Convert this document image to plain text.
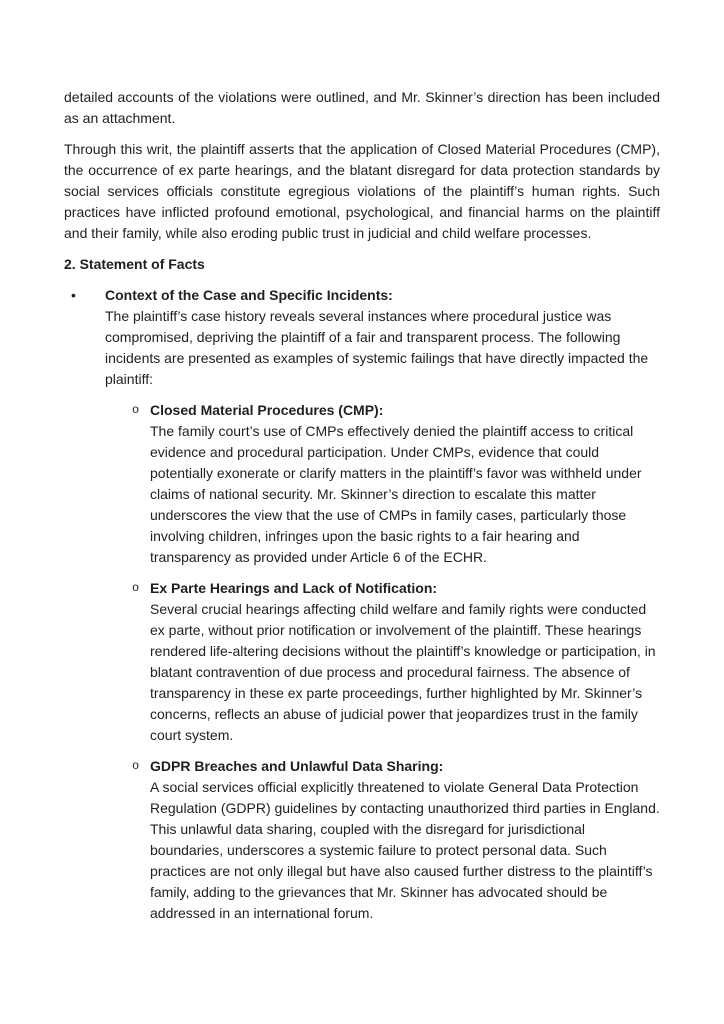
detailed accounts of the violations were outlined, and Mr. Skinner’s direction has been included as an attachment.

Through this writ, the plaintiff asserts that the application of Closed Material Procedures (CMP), the occurrence of ex parte hearings, and the blatant disregard for data protection standards by social services officials constitute egregious violations of the plaintiff’s human rights. Such practices have inflicted profound emotional, psychological, and financial harms on the plaintiff and their family, while also eroding public trust in judicial and child welfare processes.

2. Statement of Facts
• Context of the Case and Specific Incidents:
The plaintiff’s case history reveals several instances where procedural justice was compromised, depriving the plaintiff of a fair and transparent process. The following incidents are presented as examples of systemic failings that have directly impacted the plaintiff:
o Closed Material Procedures (CMP):
The family court’s use of CMPs effectively denied the plaintiff access to critical evidence and procedural participation. Under CMPs, evidence that could potentially exonerate or clarify matters in the plaintiff’s favor was withheld under claims of national security. Mr. Skinner’s direction to escalate this matter underscores the view that the use of CMPs in family cases, particularly those involving children, infringes upon the basic rights to a fair hearing and transparency as provided under Article 6 of the ECHR.
o Ex Parte Hearings and Lack of Notification:
Several crucial hearings affecting child welfare and family rights were conducted ex parte, without prior notification or involvement of the plaintiff. These hearings rendered life-altering decisions without the plaintiff’s knowledge or participation, in blatant contravention of due process and procedural fairness. The absence of transparency in these ex parte proceedings, further highlighted by Mr. Skinner’s concerns, reflects an abuse of judicial power that jeopardizes trust in the family court system.
o GDPR Breaches and Unlawful Data Sharing:
A social services official explicitly threatened to violate General Data Protection Regulation (GDPR) guidelines by contacting unauthorized third parties in England. This unlawful data sharing, coupled with the disregard for jurisdictional boundaries, underscores a systemic failure to protect personal data. Such practices are not only illegal but have also caused further distress to the plaintiff’s family, adding to the grievances that Mr. Skinner has advocated should be addressed in an international forum.
